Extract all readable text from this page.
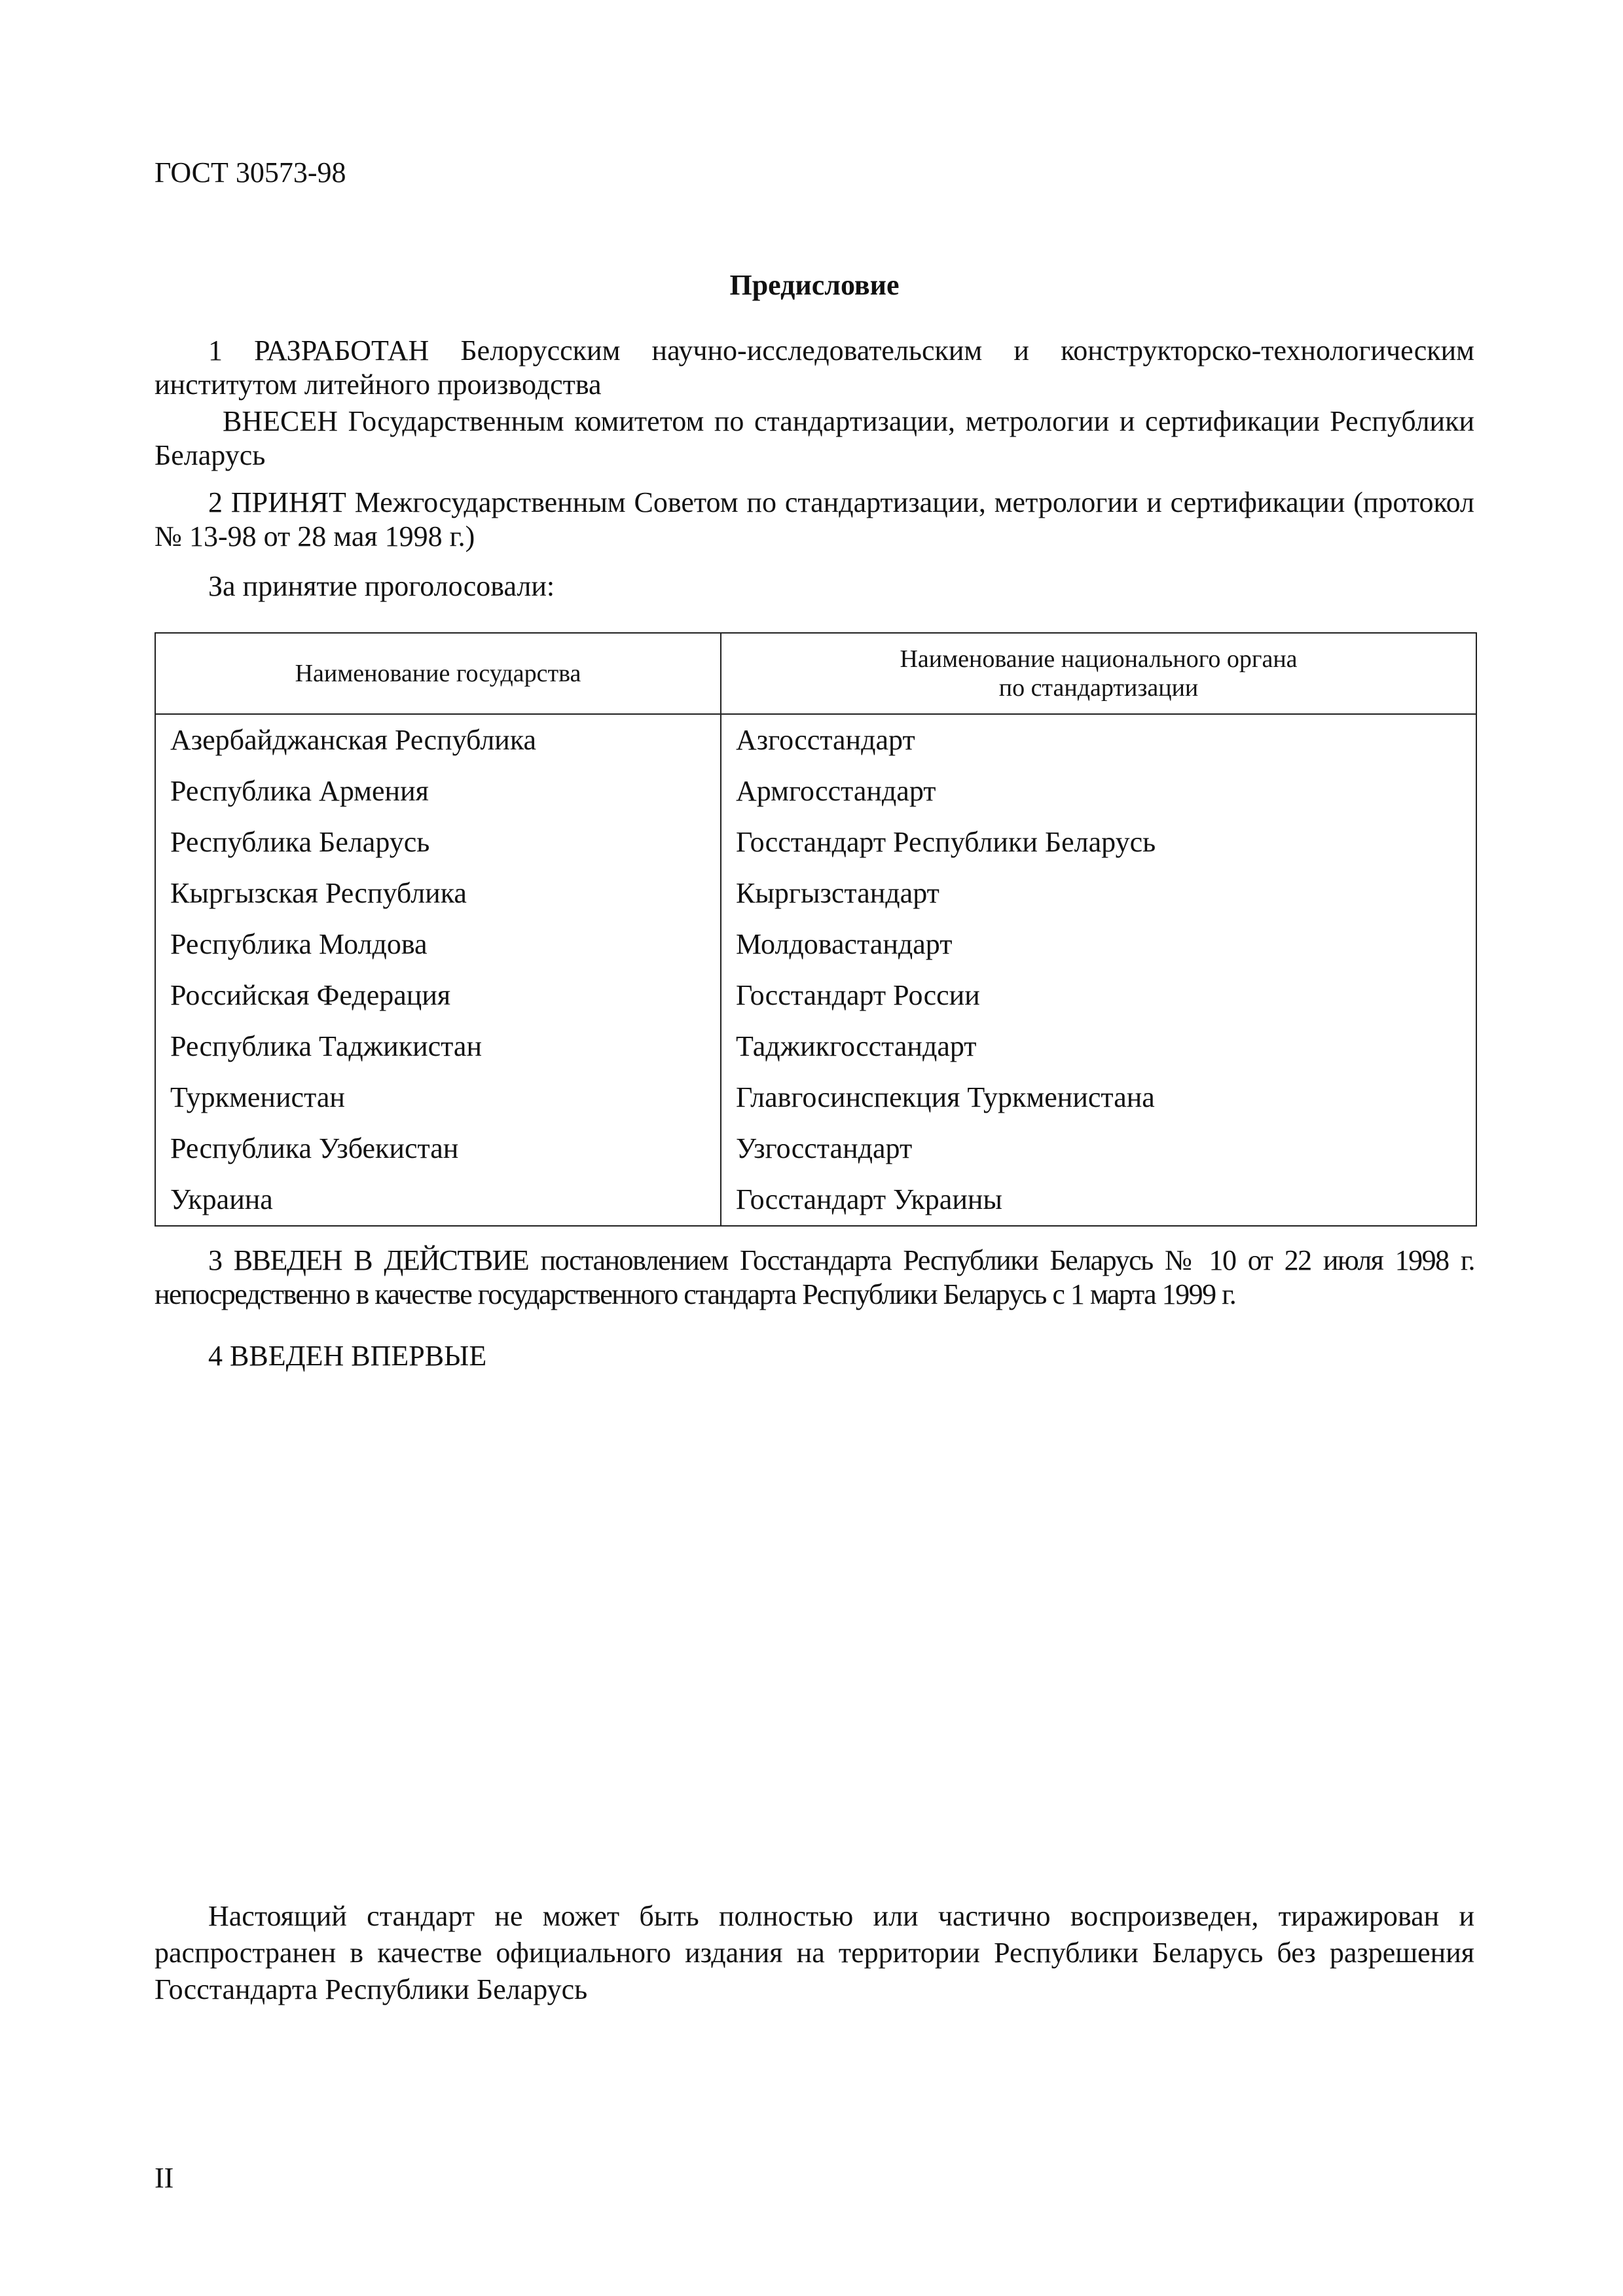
ГОСТ 30573-98
Предисловие

1 РАЗРАБОТАН Белорусским научно-исследовательским и конструкторско-технологическим институтом литейного производства

ВНЕСЕН Государственным комитетом по стандартизации, метрологии и сертификации Республики Беларусь

2 ПРИНЯТ Межгосударственным Советом по стандартизации, метрологии и сертификации (протокол № 13-98 от 28 мая 1998 г.)

За принятие проголосовали:

Наименование государства	Наименование национального органа
по стандартизации
Азербайджанская Республика	Азгосстандарт
Республика Армения	Армгосстандарт
Республика Беларусь	Госстандарт Республики Беларусь
Кыргызская Республика	Кыргызстандарт
Республика Молдова	Молдовастандарт
Российская Федерация	Госстандарт России
Республика Таджикистан	Таджикгосстандарт
Туркменистан	Главгосинспекция Туркменистана
Республика Узбекистан	Узгосстандарт
Украина	Госстандарт Украины

3 ВВЕДЕН В ДЕЙСТВИЕ постановлением Госстандарта Республики Беларусь № 10 от 22 июля 1998 г. непосредственно в качестве государственного стандарта Республики Беларусь с 1 марта 1999 г.

4 ВВЕДЕН ВПЕРВЫЕ

Настоящий стандарт не может быть полностью или частично воспроизведен, тиражирован и распространен в качестве официального издания на территории Республики Беларусь без разрешения Госстандарта Республики Беларусь

II
